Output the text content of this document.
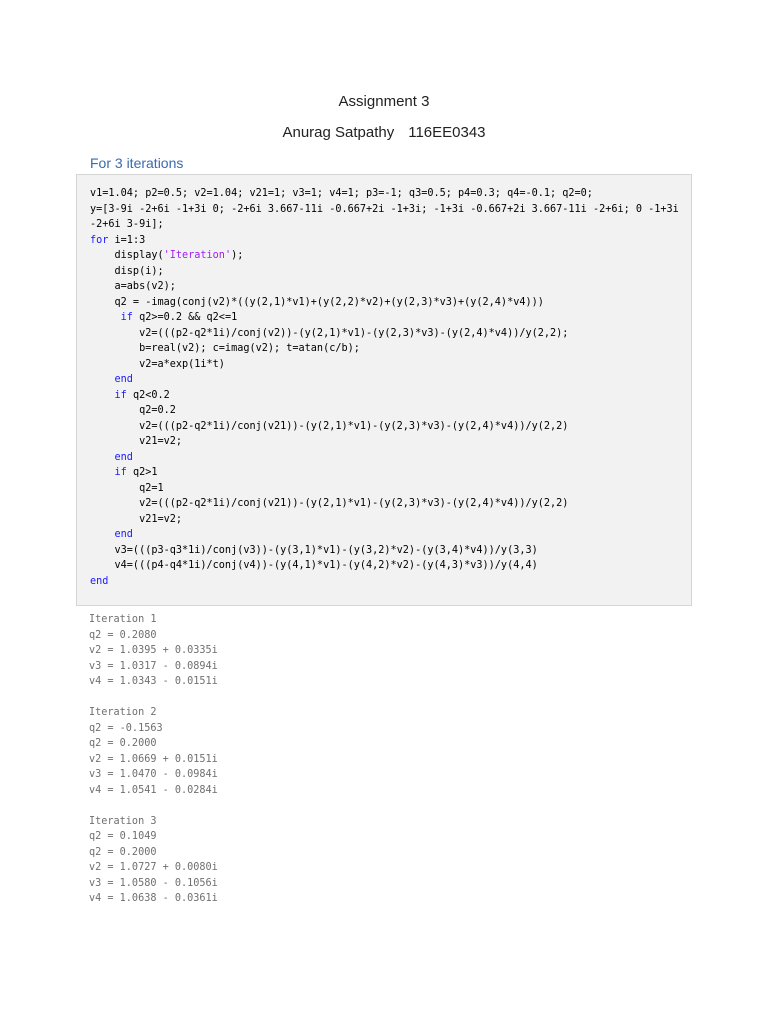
Assignment 3
Anurag Satpathy 116EE0343
For 3 iterations
v1=1.04; p2=0.5; v2=1.04; v21=1; v3=1; v4=1; p3=-1; q3=0.5; p4=0.3; q4=-0.1; q2=0;
y=[3-9i -2+6i -1+3i 0; -2+6i 3.667-11i -0.667+2i -1+3i; -1+3i -0.667+2i 3.667-11i -2+6i; 0 -1+3i
-2+6i 3-9i];
for i=1:3
display('Iteration');
disp(i);
a=abs(v2);
q2 = -imag(conj(v2)*((y(2,1)*v1)+(y(2,2)*v2)+(y(2,3)*v3)+(y(2,4)*v4)))
if q2>=0.2 && q2<=1
v2=(((p2-q2*1i)/conj(v2))-(y(2,1)*v1)-(y(2,3)*v3)-(y(2,4)*v4))/y(2,2);
b=real(v2); c=imag(v2); t=atan(c/b);
v2=a*exp(1i*t)
end
if q2<0.2
q2=0.2
v2=(((p2-q2*1i)/conj(v21))-(y(2,1)*v1)-(y(2,3)*v3)-(y(2,4)*v4))/y(2,2)
v21=v2;
end
if q2>1
q2=1
v2=(((p2-q2*1i)/conj(v21))-(y(2,1)*v1)-(y(2,3)*v3)-(y(2,4)*v4))/y(2,2)
v21=v2;
end
v3=(((p3-q3*1i)/conj(v3))-(y(3,1)*v1)-(y(3,2)*v2)-(y(3,4)*v4))/y(3,3)
v4=(((p4-q4*1i)/conj(v4))-(y(4,1)*v1)-(y(4,2)*v2)-(y(4,3)*v3))/y(4,4)
end
Iteration 1
q2 = 0.2080
v2 = 1.0395 + 0.0335i
v3 = 1.0317 - 0.0894i
v4 = 1.0343 - 0.0151i
Iteration 2
q2 = -0.1563
q2 = 0.2000
v2 = 1.0669 + 0.0151i
v3 = 1.0470 - 0.0984i
v4 = 1.0541 - 0.0284i
Iteration 3
q2 = 0.1049
q2 = 0.2000
v2 = 1.0727 + 0.0080i
v3 = 1.0580 - 0.1056i
v4 = 1.0638 - 0.0361i
